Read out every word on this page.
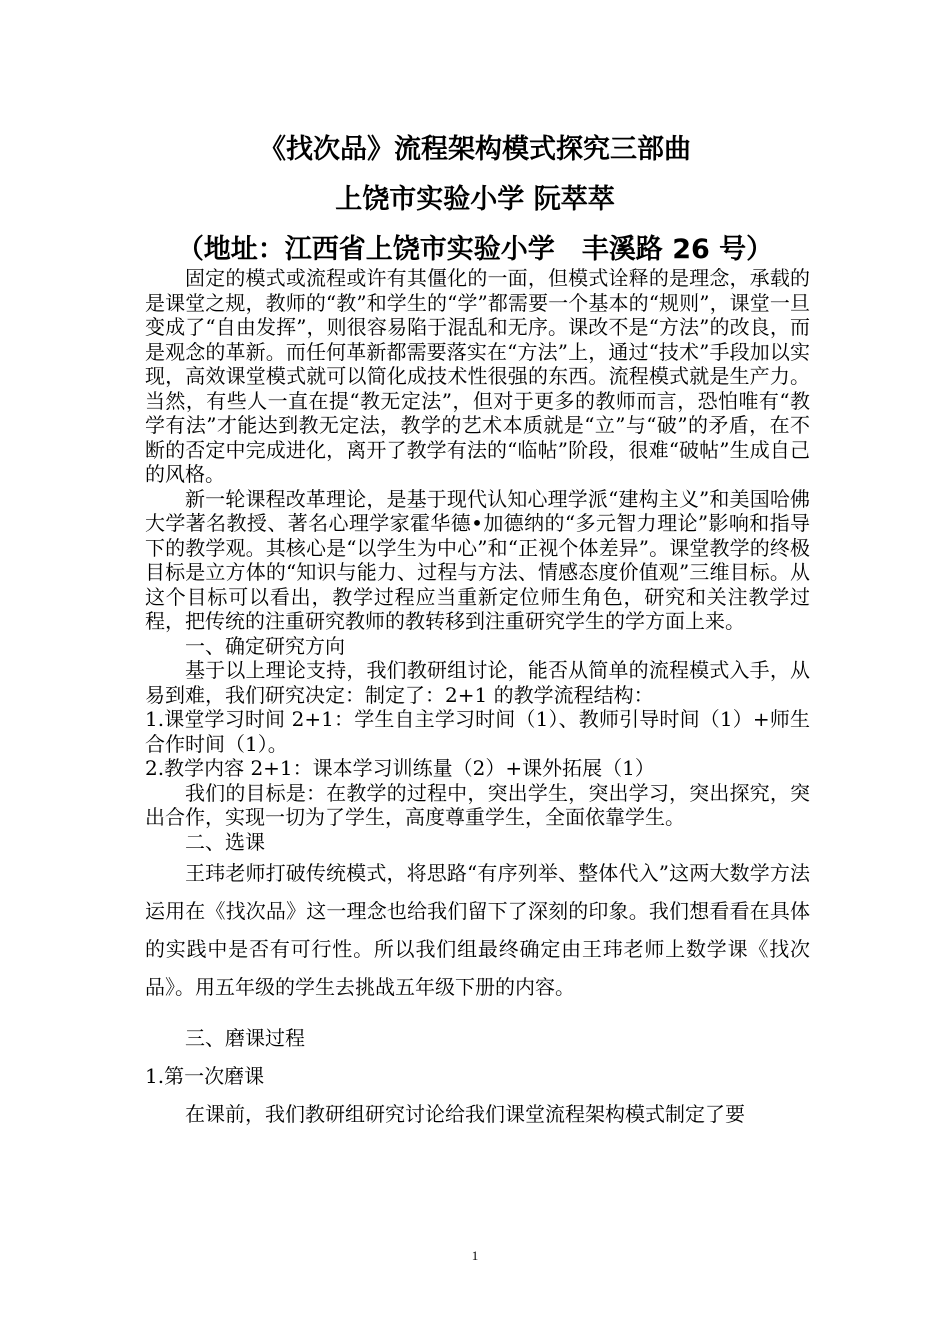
《找次品》流程架构模式探究三部曲
上饶市实验小学 阮萃萃
（地址：江西省上饶市实验小学　丰溪路 26 号）

固定的模式或流程或许有其僵化的一面，但模式诠释的是理念，承载的是课堂之规，教师的“教”和学生的“学”都需要一个基本的“规则”，课堂一旦变成了“自由发挥”，则很容易陷于混乱和无序。课改不是“方法”的改良，而是观念的革新。而任何革新都需要落实在“方法”上，通过“技术”手段加以实现，高效课堂模式就可以简化成技术性很强的东西。流程模式就是生产力。当然，有些人一直在提“教无定法”，但对于更多的教师而言，恐怕唯有“教学有法”才能达到教无定法，教学的艺术本质就是“立”与“破”的矛盾，在不断的否定中完成进化，离开了教学有法的“临帖”阶段，很难“破帖”生成自己的风格。

新一轮课程改革理论，是基于现代认知心理学派“建构主义”和美国哈佛大学著名教授、著名心理学家霍华德•加德纳的“多元智力理论”影响和指导下的教学观。其核心是“以学生为中心”和“正视个体差异”。课堂教学的终极目标是立方体的“知识与能力、过程与方法、情感态度价值观”三维目标。从这个目标可以看出，教学过程应当重新定位师生角色，研究和关注教学过程，把传统的注重研究教师的教转移到注重研究学生的学方面上来。

一、确定研究方向

基于以上理论支持，我们教研组讨论，能否从简单的流程模式入手，从易到难，我们研究决定：制定了：2+1 的教学流程结构：

1.课堂学习时间 2+1：学生自主学习时间（1）、教师引导时间（1）+师生合作时间（1）。

2.教学内容 2+1：课本学习训练量（2）+课外拓展（1）

我们的目标是：在教学的过程中，突出学生，突出学习，突出探究，突出合作，实现一切为了学生，高度尊重学生，全面依靠学生。

二、选课

王玮老师打破传统模式，将思路“有序列举、整体代入”这两大数学方法运用在《找次品》这一理念也给我们留下了深刻的印象。我们想看看在具体的实践中是否有可行性。所以我们组最终确定由王玮老师上数学课《找次品》。用五年级的学生去挑战五年级下册的内容。

三、磨课过程

1.第一次磨课

在课前，我们教研组研究讨论给我们课堂流程架构模式制定了要

1
